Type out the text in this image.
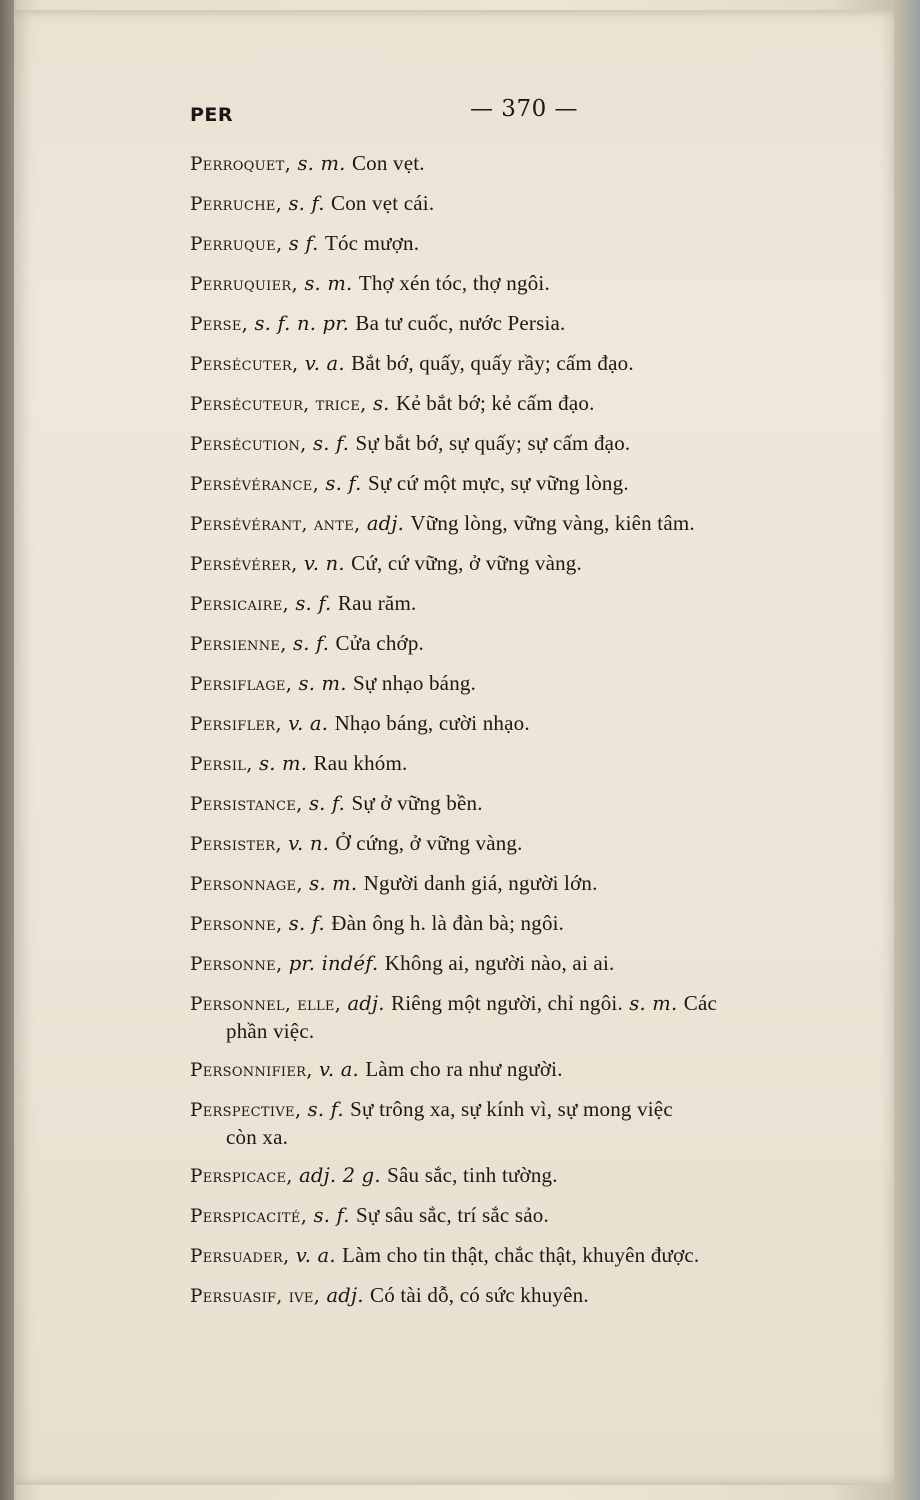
PER	— 370 —
Perroquet, s. m. Con vẹt.
Perruche, s. f. Con vẹt cái.
Perruque, s f. Tóc mượn.
Perruquier, s. m. Thợ xén tóc, thợ ngôi.
Perse, s. f. n. pr. Ba tư cuốc, nước Persia.
Persécuter, v. a. Bắt bớ, quấy, quấy rầy; cấm đạo.
Persécuteur, trice, s. Kẻ bắt bớ; kẻ cấm đạo.
Persécution, s. f. Sự bắt bớ, sự quấy; sự cấm đạo.
Persévérance, s. f. Sự cứ một mực, sự vững lòng.
Persévérant, ante, adj. Vững lòng, vững vàng, kiên tâm.
Persévérer, v. n. Cứ, cứ vững, ở vững vàng.
Persicaire, s. f. Rau răm.
Persienne, s. f. Cửa chớp.
Persiflage, s. m. Sự nhạo báng.
Persifler, v. a. Nhạo báng, cười nhạo.
Persil, s. m. Rau khóm.
Persistance, s. f. Sự ở vững bền.
Persister, v. n. Ở cứng, ở vững vàng.
Personnage, s. m. Người danh giá, người lớn.
Personne, s. f. Đàn ông h. là đàn bà; ngôi.
Personne, pr. indéf. Không ai, người nào, ai ai.
Personnel, elle, adj. Riêng một người, chỉ ngôi. s. m. Các
phần việc.
Personnifier, v. a. Làm cho ra như người.
Perspective, s. f. Sự trông xa, sự kính vì, sự mong việc
còn xa.
Perspicace, adj. 2 g. Sâu sắc, tinh tường.
Perspicacité, s. f. Sự sâu sắc, trí sắc sảo.
Persuader, v. a. Làm cho tin thật, chắc thật, khuyên được.
Persuasif, ive, adj. Có tài dỗ, có sức khuyên.
